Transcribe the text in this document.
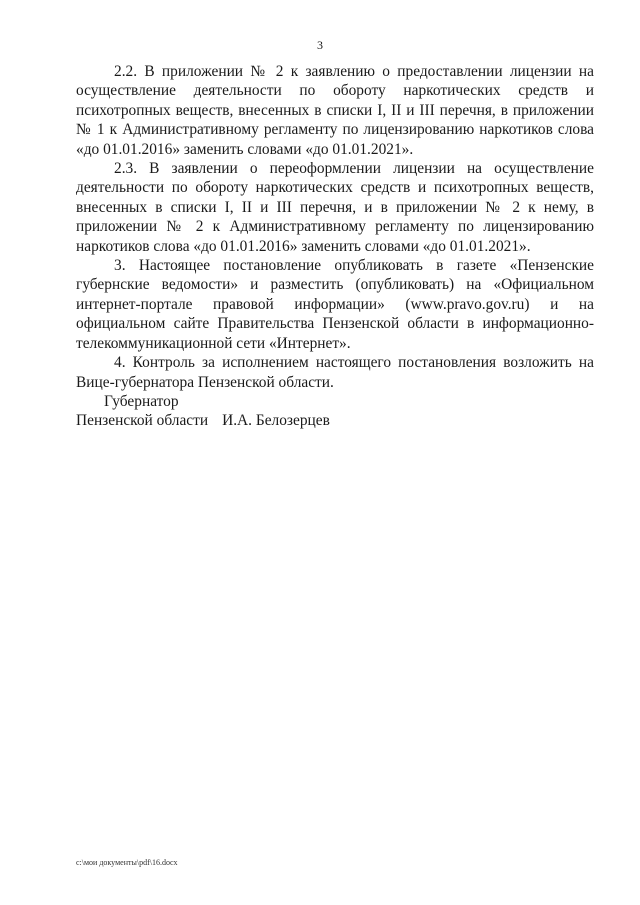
3

2.2. В приложении № 2 к заявлению о предоставлении лицензии на осуществление деятельности по обороту наркотических средств и психотропных веществ, внесенных в списки I, II и III перечня, в приложении № 1 к Административному регламенту по лицензированию наркотиков слова «до 01.01.2016» заменить словами «до 01.01.2021».

2.3. В заявлении о переоформлении лицензии на осуществление деятельности по обороту наркотических средств и психотропных веществ, внесенных в списки I, II и III перечня, и в приложении № 2 к нему, в приложении № 2 к Административному регламенту по лицензированию наркотиков слова «до 01.01.2016» заменить словами «до 01.01.2021».

3. Настоящее постановление опубликовать в газете «Пензенские губернские ведомости» и разместить (опубликовать) на «Официальном интернет-портале правовой информации» (www.pravo.gov.ru) и на официальном сайте Правительства Пензенской области в информационно-телекоммуникационной сети «Интернет».

4. Контроль за исполнением настоящего постановления возложить на Вице-губернатора Пензенской области.

Губернатор
Пензенской области И.А. Белозерцев
c:\мои документы\pdf\16.docx
